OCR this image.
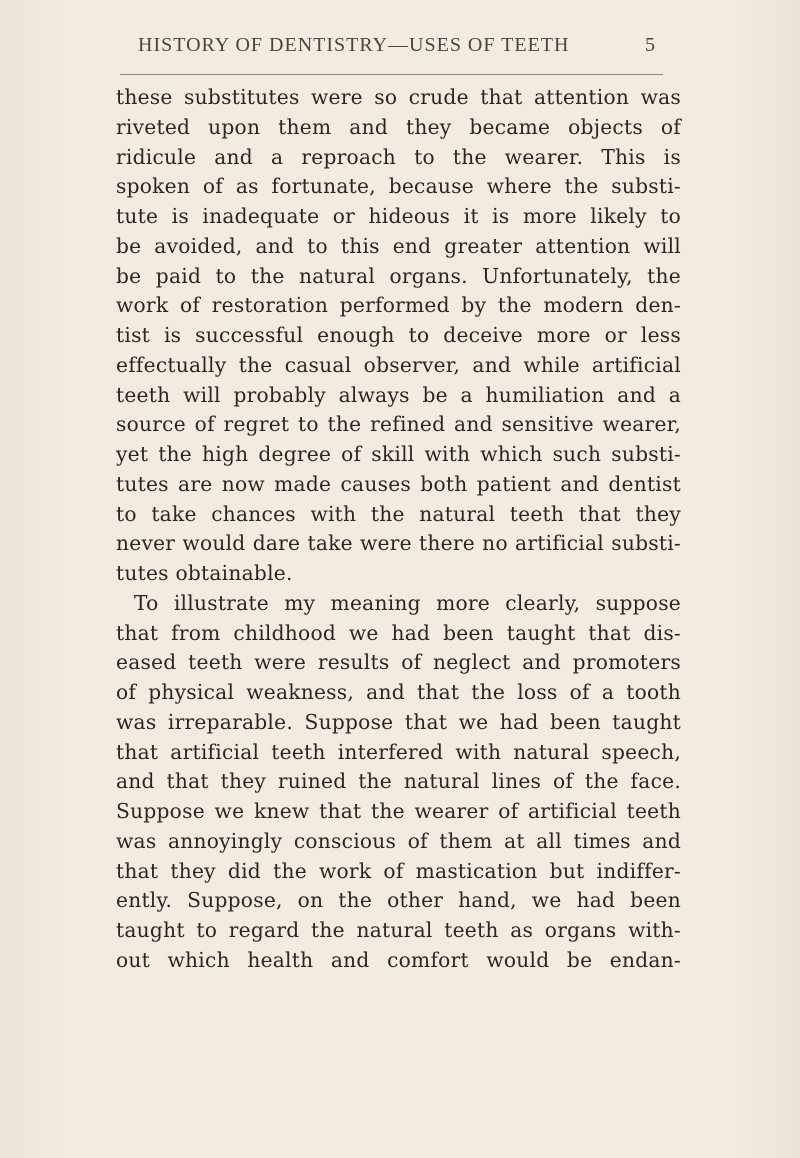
HISTORY OF DENTISTRY—USES OF TEETH	5
these substitutes were so crude that attention was
riveted upon them and they became objects of
ridicule and a reproach to the wearer. This is
spoken of as fortunate, because where the substi-
tute is inadequate or hideous it is more likely to
be avoided, and to this end greater attention will
be paid to the natural organs. Unfortunately, the
work of restoration performed by the modern den-
tist is successful enough to deceive more or less
effectually the casual observer, and while artificial
teeth will probably always be a humiliation and a
source of regret to the refined and sensitive wearer,
yet the high degree of skill with which such substi-
tutes are now made causes both patient and dentist
to take chances with the natural teeth that they
never would dare take were there no artificial substi-
tutes obtainable.
To illustrate my meaning more clearly, suppose
that from childhood we had been taught that dis-
eased teeth were results of neglect and promoters
of physical weakness, and that the loss of a tooth
was irreparable. Suppose that we had been taught
that artificial teeth interfered with natural speech,
and that they ruined the natural lines of the face.
Suppose we knew that the wearer of artificial teeth
was annoyingly conscious of them at all times and
that they did the work of mastication but indiffer-
ently. Suppose, on the other hand, we had been
taught to regard the natural teeth as organs with-
out which health and comfort would be endan-
